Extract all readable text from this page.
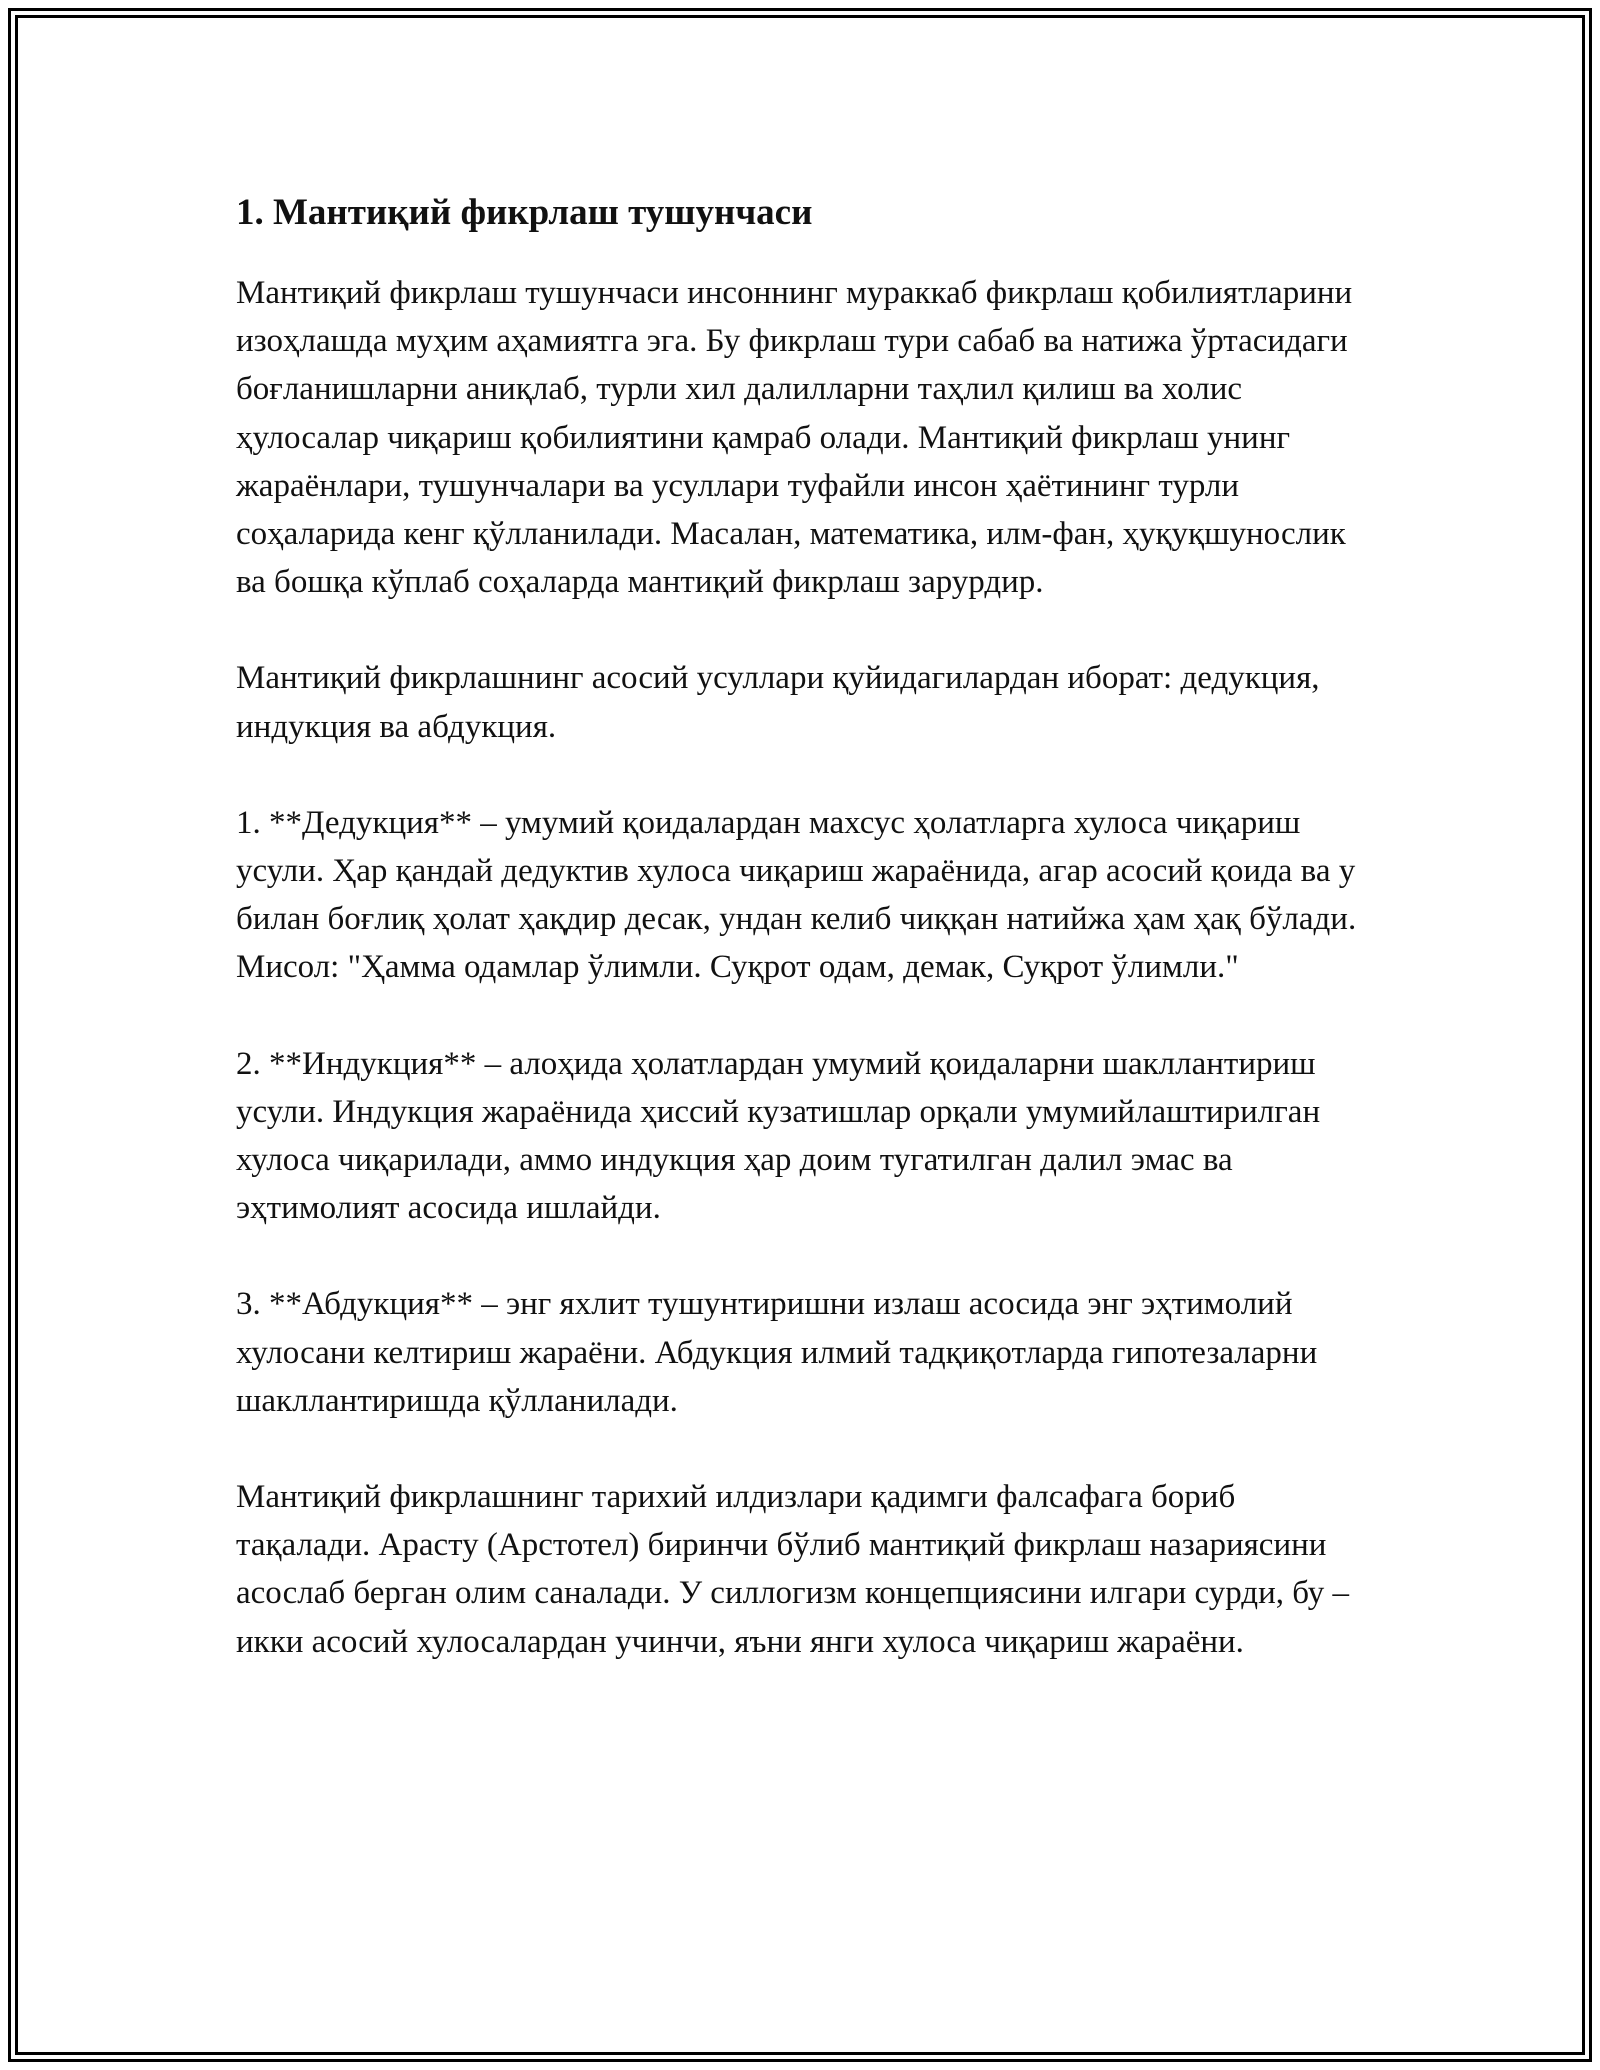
1. Мантиқий фикрлаш тушунчаси

Мантиқий фикрлаш тушунчаси инсоннинг мураккаб фикрлаш қобилиятларини изоҳлашда муҳим аҳамиятга эга. Бу фикрлаш тури сабаб ва натижа ўртасидаги боғланишларни аниқлаб, турли хил далилларни таҳлил қилиш ва холис ҳулосалар чиқариш қобилиятини қамраб олади. Мантиқий фикрлаш унинг жараёнлари, тушунчалари ва усуллари туфайли инсон ҳаётининг турли соҳаларида кенг қўлланилади. Масалан, математика, илм-фан, ҳуқуқшунослик ва бошқа кўплаб соҳаларда мантиқий фикрлаш зарурдир.

Мантиқий фикрлашнинг асосий усуллари қуйидагилардан иборат: дедукция, индукция ва абдукция.

1. **Дедукция** – умумий қоидалардан махсус ҳолатларга хулоса чиқариш усули. Ҳар қандай дедуктив хулоса чиқариш жараёнида, агар асосий қоида ва у билан боғлиқ ҳолат ҳақдир десак, ундан келиб чиққан натийжа ҳам ҳақ бўлади. Мисол: "Ҳамма одамлар ўлимли. Суқрот одам, демак, Суқрот ўлимли."

2. **Индукция** – алоҳида ҳолатлардан умумий қоидаларни шакллантириш усули. Индукция жараёнида ҳиссий кузатишлар орқали умумийлаштирилган хулоса чиқарилади, аммо индукция ҳар доим тугатилган далил эмас ва эҳтимолият асосида ишлайди.

3. **Абдукция** – энг яхлит тушунтиришни излаш асосида энг эҳтимолий хулосани келтириш жараёни. Абдукция илмий тадқиқотларда гипотезаларни шакллантиришда қўлланилади.

Мантиқий фикрлашнинг тарихий илдизлари қадимги фалсафага бориб тақалади. Арасту (Арстотел) биринчи бўлиб мантиқий фикрлаш назариясини асослаб берган олим саналади. У силлогизм концепциясини илгари сурди, бу – икки асосий хулосалардан учинчи, яъни янги хулоса чиқариш жараёни.
